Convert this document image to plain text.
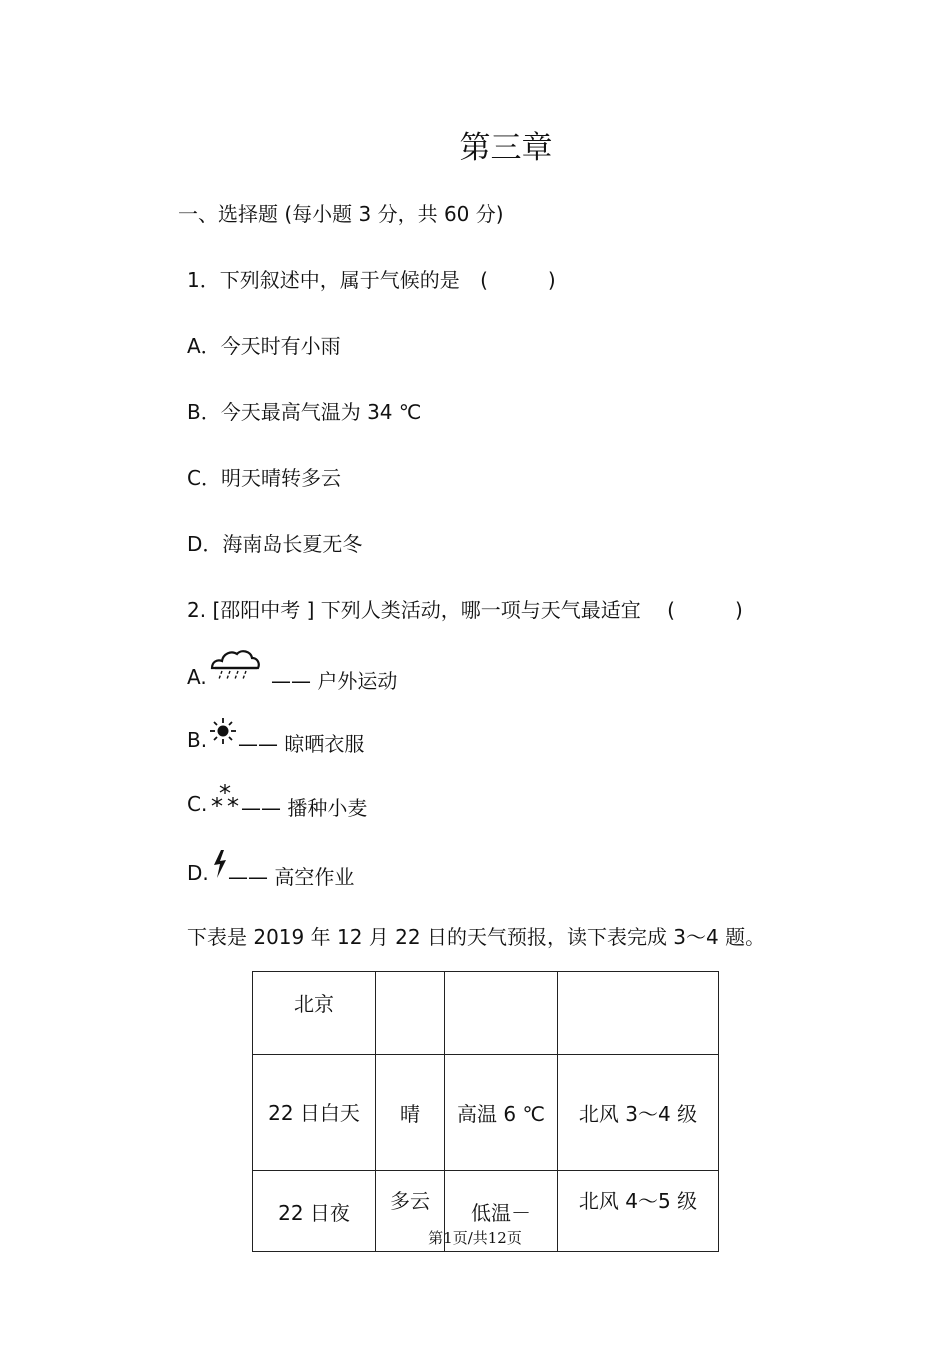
第三章
一、选择题 (每小题 3 分，共 60 分)
1．下列叙述中，属于气候的是 (	)
A．今天时有小雨
B．今天最高气温为 34 ℃
C．明天晴转多云
D．海南岛长夏无冬
2. [邵阳中考 ] 下列人类活动，哪一项与天气最适宜 (	)
A.	—— 户外运动
B. —— 晾晒衣服
C. —— 播种小麦
D. —— 高空作业
下表是 2019 年 12 月 22 日的天气预报，读下表完成 3～4 题。
北京			
22 日白天	晴	高温 6 ℃	北风 3～4 级
22 日夜	多云	低温－	北风 4～5 级
第1页/共12页
